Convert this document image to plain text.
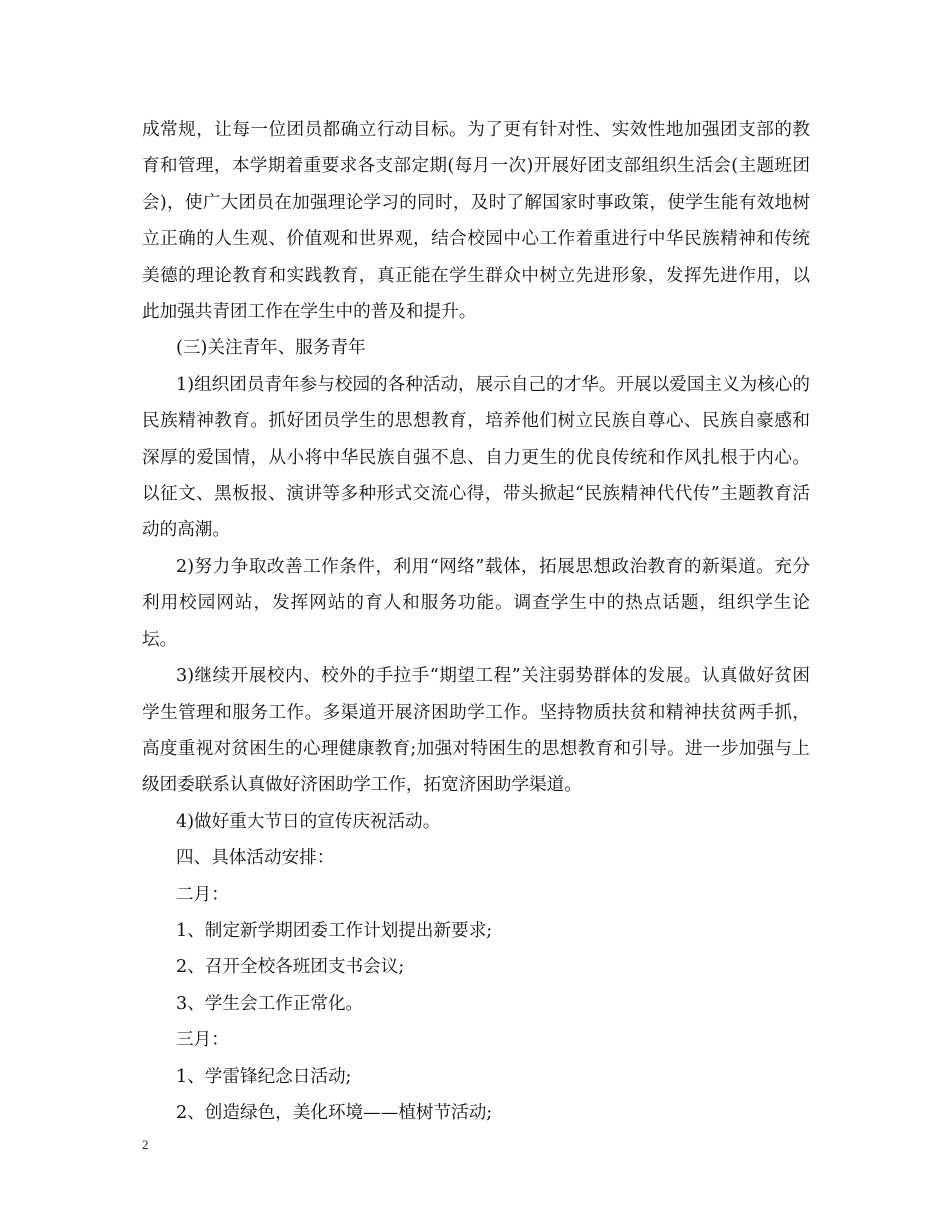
成常规，让每一位团员都确立行动目标。为了更有针对性、实效性地加强团支部的教育和管理，本学期着重要求各支部定期(每月一次)开展好团支部组织生活会(主题班团会)，使广大团员在加强理论学习的同时，及时了解国家时事政策，使学生能有效地树立正确的人生观、价值观和世界观，结合校园中心工作着重进行中华民族精神和传统美德的理论教育和实践教育，真正能在学生群众中树立先进形象，发挥先进作用，以此加强共青团工作在学生中的普及和提升。

(三)关注青年、服务青年

1)组织团员青年参与校园的各种活动，展示自己的才华。开展以爱国主义为核心的民族精神教育。抓好团员学生的思想教育，培养他们树立民族自尊心、民族自豪感和深厚的爱国情，从小将中华民族自强不息、自力更生的优良传统和作风扎根于内心。以征文、黑板报、演讲等多种形式交流心得，带头掀起“民族精神代代传”主题教育活动的高潮。

2)努力争取改善工作条件，利用“网络”载体，拓展思想政治教育的新渠道。充分利用校园网站，发挥网站的育人和服务功能。调查学生中的热点话题，组织学生论坛。

3)继续开展校内、校外的手拉手“期望工程”关注弱势群体的发展。认真做好贫困学生管理和服务工作。多渠道开展济困助学工作。坚持物质扶贫和精神扶贫两手抓，高度重视对贫困生的心理健康教育;加强对特困生的思想教育和引导。进一步加强与上级团委联系认真做好济困助学工作，拓宽济困助学渠道。

4)做好重大节日的宣传庆祝活动。

四、具体活动安排：

二月：

1、制定新学期团委工作计划提出新要求;

2、召开全校各班团支书会议;

3、学生会工作正常化。

三月：

1、学雷锋纪念日活动;

2、创造绿色，美化环境——植树节活动;

2
